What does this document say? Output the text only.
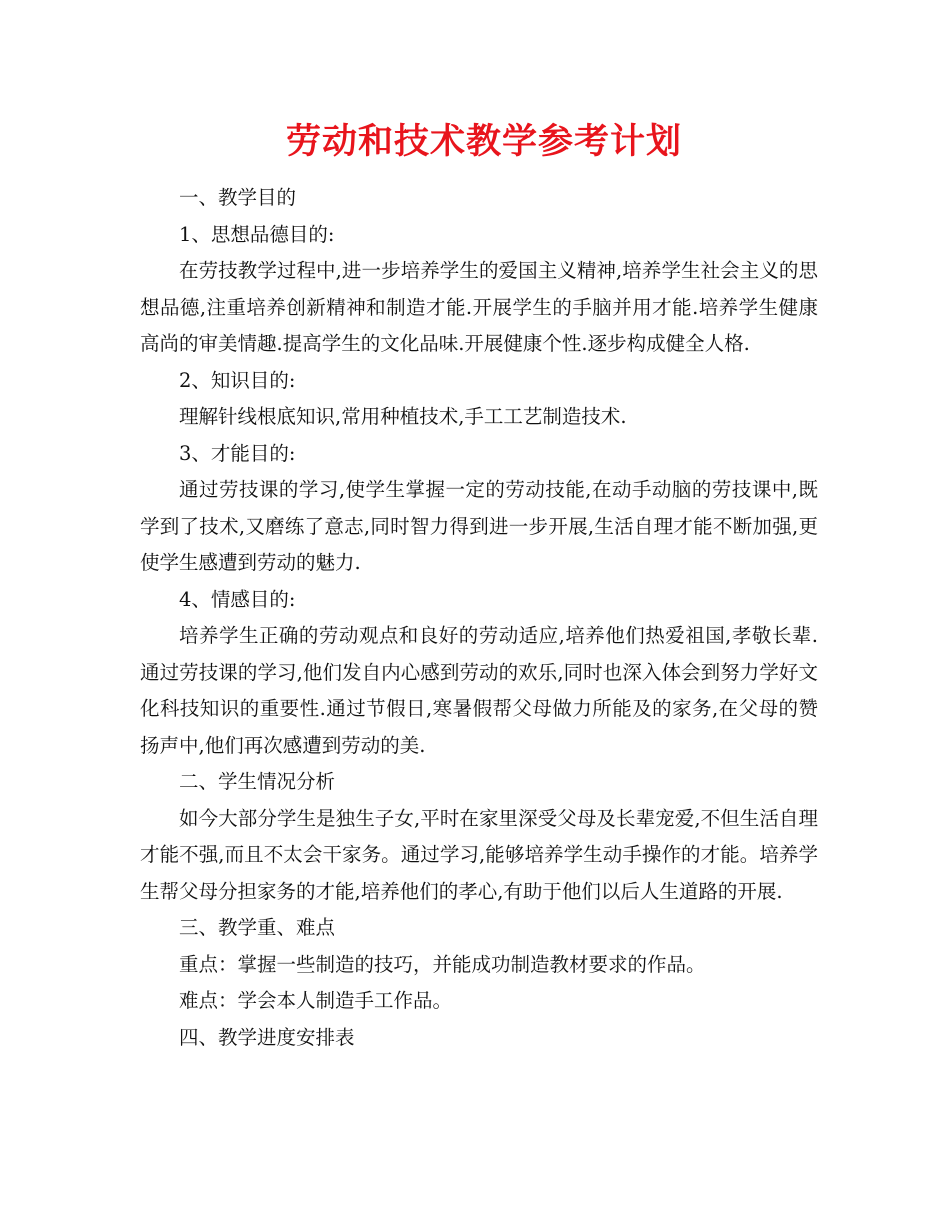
劳动和技术教学参考计划

一、教学目的

1、思想品德目的:

在劳技教学过程中,进一步培养学生的爱国主义精神,培养学生社会主义的思想品德,注重培养创新精神和制造才能.开展学生的手脑并用才能.培养学生健康高尚的审美情趣.提高学生的文化品味.开展健康个性.逐步构成健全人格.

2、知识目的:

理解针线根底知识,常用种植技术,手工工艺制造技术.

3、才能目的:

通过劳技课的学习,使学生掌握一定的劳动技能,在动手动脑的劳技课中,既学到了技术,又磨练了意志,同时智力得到进一步开展,生活自理才能不断加强,更使学生感遭到劳动的魅力.

4、情感目的:

培养学生正确的劳动观点和良好的劳动适应,培养他们热爱祖国,孝敬长辈.通过劳技课的学习,他们发自内心感到劳动的欢乐,同时也深入体会到努力学好文化科技知识的重要性.通过节假日,寒暑假帮父母做力所能及的家务,在父母的赞扬声中,他们再次感遭到劳动的美.

二、学生情况分析

如今大部分学生是独生子女,平时在家里深受父母及长辈宠爱,不但生活自理才能不强,而且不太会干家务。通过学习,能够培养学生动手操作的才能。培养学生帮父母分担家务的才能,培养他们的孝心,有助于他们以后人生道路的开展.

三、教学重、难点

重点：掌握一些制造的技巧，并能成功制造教材要求的作品。

难点：学会本人制造手工作品。

四、教学进度安排表
